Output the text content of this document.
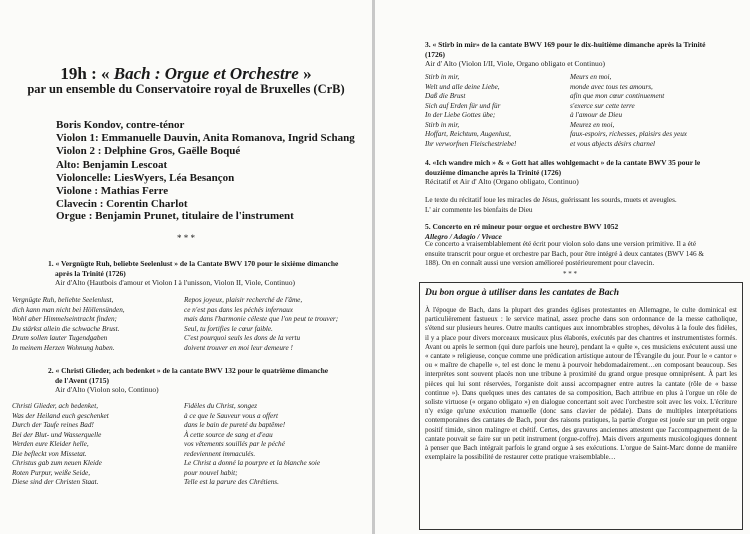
19h : « Bach : Orgue et Orchestre »
par un ensemble du Conservatoire royal de Bruxelles (CrB)
Boris Kondov, contre-ténor
Violon 1: Emmanuelle Dauvin, Anita Romanova, Ingrid Schang
Violon 2 : Delphine Gros, Gaëlle Boqué
Alto: Benjamin Lescoat
Violoncelle: LiesWyers, Léa Besançon
Violone : Mathias Ferre
Clavecin : Corentin Charlot
Orgue : Benjamin Prunet, titulaire de l'instrument
* * *
1. « Vergnügte Ruh, beliebte Seelenlust » de la Cantate BWV 170 pour le sixième dimanche
après la Trinité (1726)
Air d'Alto (Hautbois d'amour et Violon I à l'unisson, Violon II, Viole, Continuo)
Vergnügte Ruh, beliebte Seelenlust,
dich kann man nicht bei Höllensünden,
Wohl aber Himmelseintracht finden;
Du stärkst allein die schwache Brust.
Drum sollen lauter Tugendgaben
In meinem Herzen Wohnung haben.
Repos joyeux, plaisir recherché de l'âme,
ce n'est pas dans les péchés infernaux
mais dans l'harmonie céleste que l'on peut te trouver;
Seul, tu fortifies le cœur faible.
C'est pourquoi seuls les dons de la vertu
doivent trouver en moi leur demeure !
2. « Christi Glieder, ach bedenket » de la cantate BWV 132 pour le quatrième dimanche
de l'Avent (1715)
Air d'Alto (Violon solo, Continuo)
Christi Glieder, ach bedenket,
Was der Heiland euch geschenket
Durch der Taufe reines Bad!
Bei der Blut- und Wasserquelle
Werden eure Kleider helle,
Die befleckt von Missetat.
Christus gab zum neuen Kleide
Roten Purpur, weiße Seide,
Diese sind der Christen Staat.
Fidèles du Christ, songez
à ce que le Sauveur vous a offert
dans le bain de pureté du baptême!
À cette source de sang et d'eau
vos vêtements souillés par le péché
redeviennent immaculés.
Le Christ a donné la pourpre et la blanche soie
pour nouvel habit;
Telle est la parure des Chrétiens.
3. « Stirb in mir» de la cantate BWV 169 pour le dix-huitième dimanche après la Trinité
(1726)
Air d' Alto (Violon I/II, Viole, Organo obligato et Continuo)
Stirb in mir,
Welt und alle deine Liebe,
Daß die Brust
Sich auf Erden für und für
In der Liebe Gottes übe;
Stirb in mir,
Hoffart, Reichtum, Augenlust,
Ihr verworfnen Fleischestriebe!
Meurs en moi,
monde avec tous tes amours,
afin que mon cœur continuement
s'exerce sur cette terre
à l'amour de Dieu
Meurez en moi,
faux-espoirs, richesses, plaisirs des yeux
et vous abjects désirs charnel
4. «Ich wandre mich » & « Gott hat alles wohlgemacht » de la cantate BWV 35 pour le
douzième dimanche après la Trinité (1726)
Récitatif et Air d' Alto (Organo obligato, Continuo)
Le texte du récitatif loue les miracles de Jésus, guérissant les sourds, muets et aveugles.
L' air commente les bienfaits de Dieu
5. Concerto en ré mineur pour orgue et orchestre BWV 1052
Allegro / Adagio / Vivace
Ce concerto a vraisemblablement été écrit pour violon solo dans une version primitive. Il a été
ensuite transcrit pour orgue et orchestre par Bach, pour être intégré à deux cantates (BWV 146 &
188). On en connaît aussi une version amélioreé postérieurement pour clavecin.
* * *
Du bon orgue à utiliser dans les cantates de Bach
À l'époque de Bach, dans la plupart des grandes églises protestantes en Allemagne, le culte dominical est particulièrement fastueux : le service matinal, assez proche dans son ordonnance de la messe catholique, s'étend sur plusieurs heures. Outre maults cantiques aux innombrables strophes, dévolus à la foule des fidèles, il y a place pour divers morceaux musicaux plus élaborés, exécutés par des chantres et instrumentistes formés. Avant ou après le sermon (qui dure parfois une heure), pendant la « quête », ces musiciens exécutent aussi une « cantate » religieuse, conçue comme une prédication artistique autour de l'Évangile du jour. Pour le « cantor » ou « maître de chapelle », tel est donc le menu à pourvoir hebdomadairement…en composant beaucoup. Ses interprètes sont souvent placés non une tribune à proximité du grand orgue presque omniprésent. À part les pièces qui lui sont réservées, l'organiste doit aussi accompagner entre autres la cantate (rôle de « basse continue »). Dans quelques unes des cantates de sa composition, Bach attribue en plus à l'orgue un rôle de soliste virtuose (« organo obligato ») en dialogue concertant soit avec l'orchestre soit avec les voix. L'écriture n'y exige qu'une exécution manuelle (donc sans clavier de pédale). Dans de multiples interprétations contemporaines des cantates de Bach, pour des raisons pratiques, la partie d'orgue est jouée sur un petit orgue positif timide, sinon malingre et chétif. Certes, des gravures anciennes attestent que l'accompagnement de la cantate pouvait se faire sur un petit instrument (orgue-coffre). Mais divers arguments musicologiques donnent à penser que Bach intégrait parfois le grand orgue à ses exécutions. L'orgue de Saint-Marc donne de manière exemplaire la possibilité de restaurer cette pratique vraisemblable…
